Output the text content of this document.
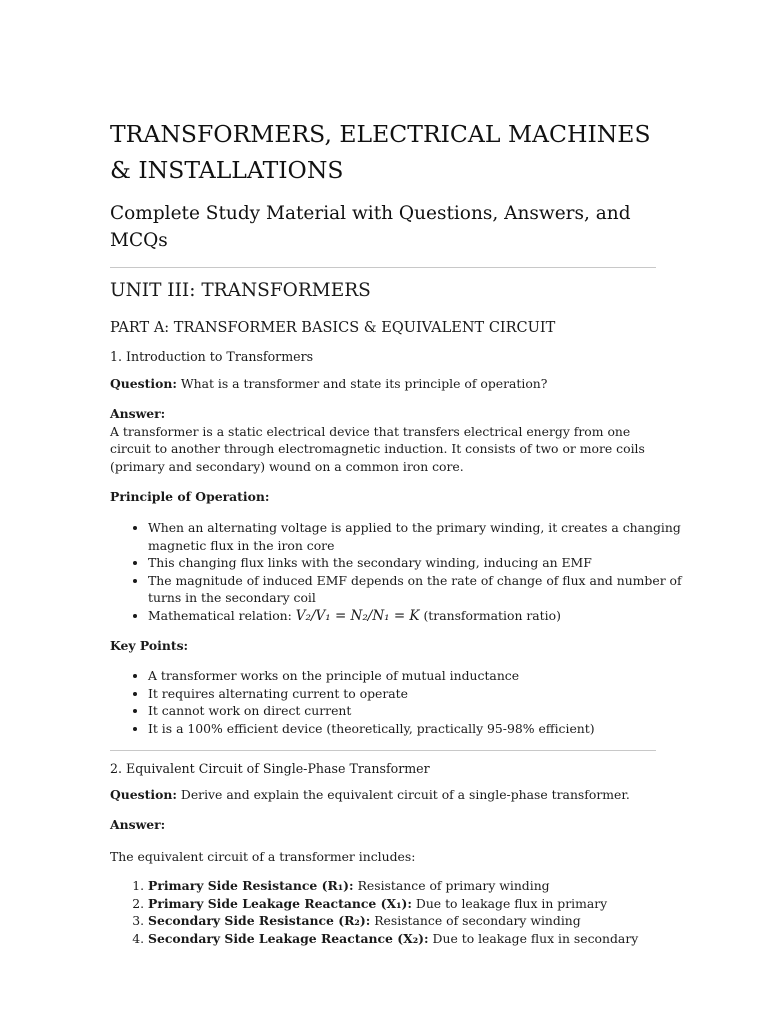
TRANSFORMERS, ELECTRICAL MACHINES & INSTALLATIONS
Complete Study Material with Questions, Answers, and MCQs
UNIT III: TRANSFORMERS
PART A: TRANSFORMER BASICS & EQUIVALENT CIRCUIT
1. Introduction to Transformers

Question: What is a transformer and state its principle of operation?

Answer:
A transformer is a static electrical device that transfers electrical energy from one circuit to another through electromagnetic induction. It consists of two or more coils (primary and secondary) wound on a common iron core.

Principle of Operation:

• When an alternating voltage is applied to the primary winding, it creates a changing magnetic flux in the iron core
• This changing flux links with the secondary winding, inducing an EMF
• The magnitude of induced EMF depends on the rate of change of flux and number of turns in the secondary coil
• Mathematical relation: V₂/V₁ = N₂/N₁ = K (transformation ratio)

Key Points:

• A transformer works on the principle of mutual inductance
• It requires alternating current to operate
• It cannot work on direct current
• It is a 100% efficient device (theoretically, practically 95-98% efficient)
2. Equivalent Circuit of Single-Phase Transformer

Question: Derive and explain the equivalent circuit of a single-phase transformer.

Answer:

The equivalent circuit of a transformer includes:

1. Primary Side Resistance (R₁): Resistance of primary winding
2. Primary Side Leakage Reactance (X₁): Due to leakage flux in primary
3. Secondary Side Resistance (R₂): Resistance of secondary winding
4. Secondary Side Leakage Reactance (X₂): Due to leakage flux in secondary
